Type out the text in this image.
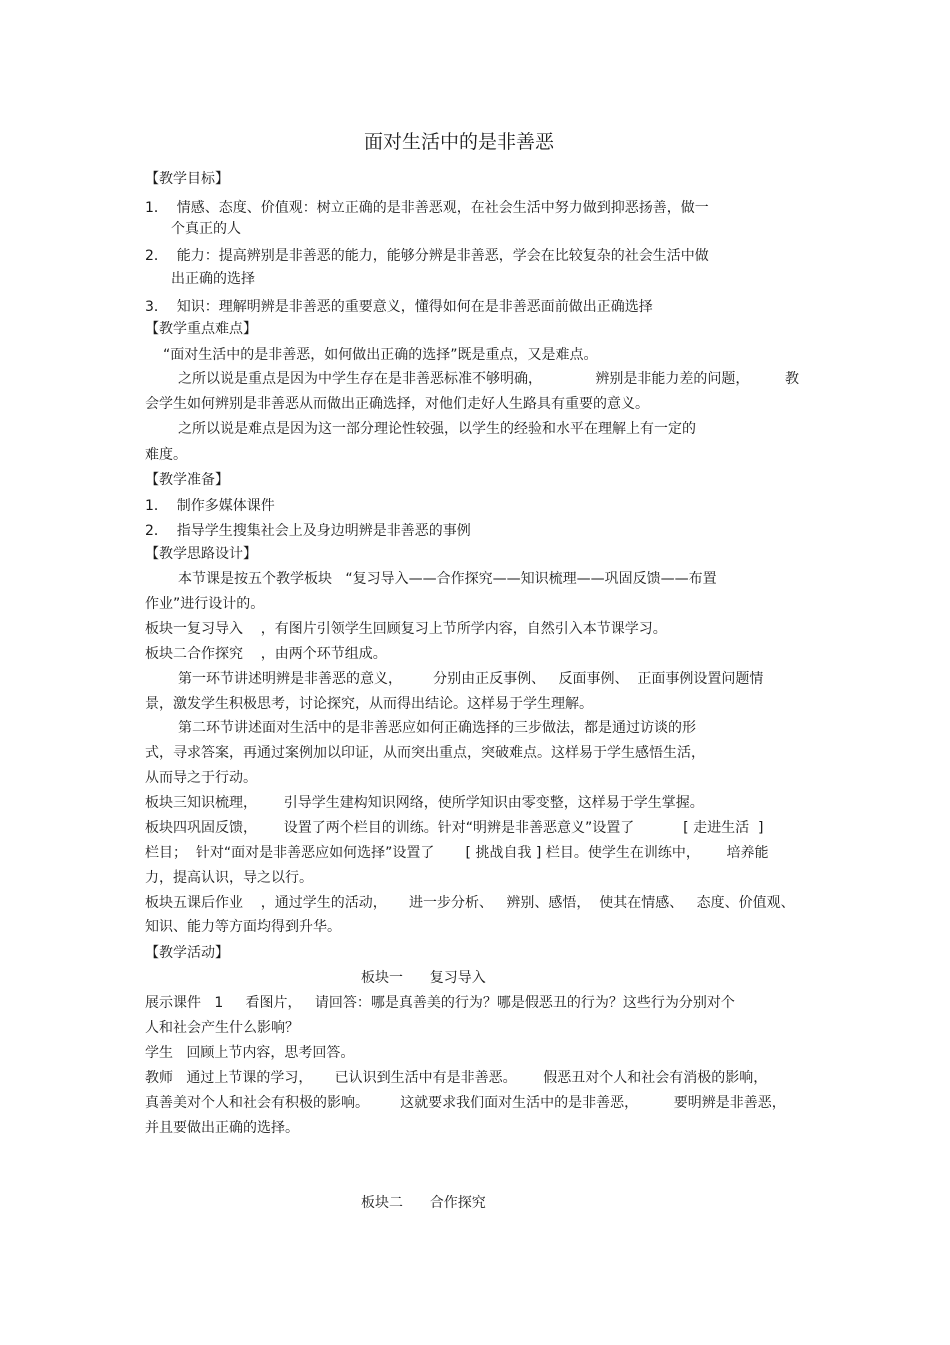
面对生活中的是非善恶
【教学目标】
1．  情感、态度、价值观：树立正确的是非善恶观，在社会生活中努力做到抑恶扬善，做一
个真正的人
2．  能力：提高辨别是非善恶的能力，能够分辨是非善恶，学会在比较复杂的社会生活中做
出正确的选择
3．  知识：理解明辨是非善恶的重要意义，懂得如何在是非善恶面前做出正确选择
【教学重点难点】
“面对生活中的是非善恶，如何做出正确的选择”既是重点，又是难点。
之所以说是重点是因为中学生存在是非善恶标准不够明确，            辨别是非能力差的问题，        教
会学生如何辨别是非善恶从而做出正确选择，对他们走好人生路具有重要的意义。
之所以说是难点是因为这一部分理论性较强，以学生的经验和水平在理解上有一定的
难度。
【教学准备】
1．  制作多媒体课件
2．  指导学生搜集社会上及身边明辨是非善恶的事例
【教学思路设计】
本节课是按五个教学板块   “复习导入——合作探究——知识梳理——巩固反馈——布置
作业”进行设计的。
板块一复习导入    ，有图片引领学生回顾复习上节所学内容，自然引入本节课学习。
板块二合作探究    ，由两个环节组成。
第一环节讲述明辨是非善恶的意义，       分别由正反事例、   反面事例、  正面事例设置问题情
景，激发学生积极思考，讨论探究，从而得出结论。这样易于学生理解。
第二环节讲述面对生活中的是非善恶应如何正确选择的三步做法，都是通过访谈的形
式，寻求答案，再通过案例加以印证，从而突出重点，突破难点。这样易于学生感悟生活，
从而导之于行动。
板块三知识梳理，      引导学生建构知识网络，使所学知识由零变整，这样易于学生掌握。
板块四巩固反馈，      设置了两个栏目的训练。针对“明辨是非善恶意义”设置了           [ 走进生活  ]
栏目；  针对“面对是非善恶应如何选择”设置了       [ 挑战自我 ] 栏目。使学生在训练中，      培养能
力，提高认识，导之以行。
板块五课后作业    ，通过学生的活动，     进一步分析、   辨别、感悟，  使其在情感、   态度、价值观、
知识、能力等方面均得到升华。
【教学活动】
板块一      复习导入
展示课件   1     看图片，   请回答：哪是真善美的行为？哪是假恶丑的行为？这些行为分别对个
人和社会产生什么影响？
学生   回顾上节内容，思考回答。
教师   通过上节课的学习，     已认识到生活中有是非善恶。      假恶丑对个人和社会有消极的影响，
真善美对个人和社会有积极的影响。       这就要求我们面对生活中的是非善恶，        要明辨是非善恶，
并且要做出正确的选择。
板块二      合作探究
